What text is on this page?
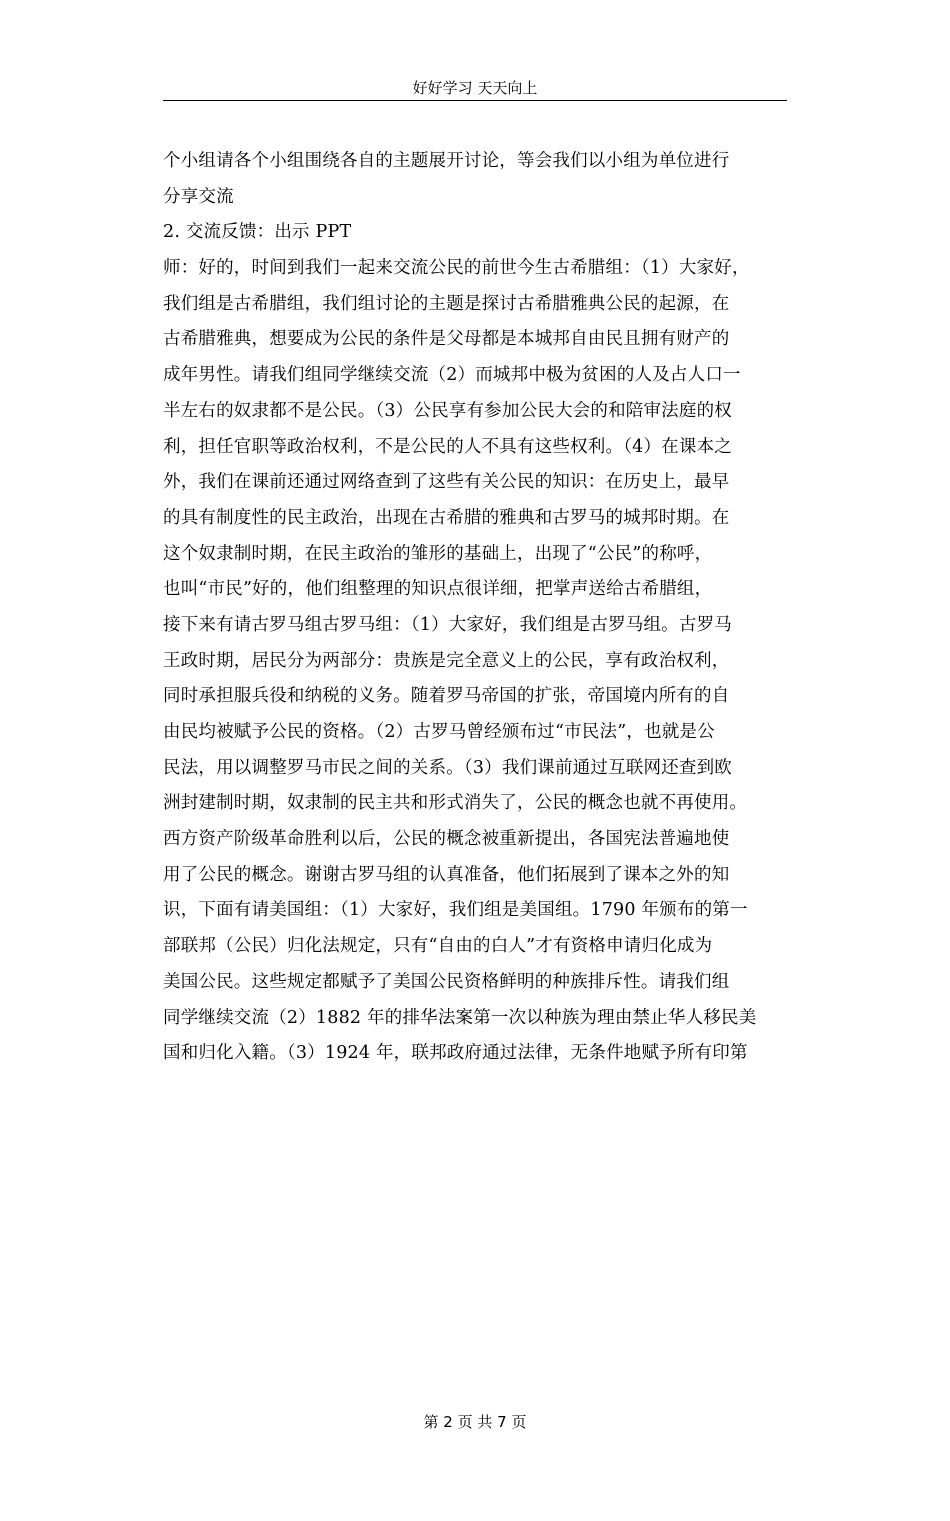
好好学习 天天向上
个小组请各个小组围绕各自的主题展开讨论，等会我们以小组为单位进行
分享交流
2. 交流反馈：出示 PPT
师：好的，时间到我们一起来交流公民的前世今生古希腊组：（1）大家好，
我们组是古希腊组，我们组讨论的主题是探讨古希腊雅典公民的起源，在
古希腊雅典，想要成为公民的条件是父母都是本城邦自由民且拥有财产的
成年男性。请我们组同学继续交流（2）而城邦中极为贫困的人及占人口一
半左右的奴隶都不是公民。（3）公民享有参加公民大会的和陪审法庭的权
利，担任官职等政治权利，不是公民的人不具有这些权利。（4）在课本之
外，我们在课前还通过网络查到了这些有关公民的知识：在历史上，最早
的具有制度性的民主政治，出现在古希腊的雅典和古罗马的城邦时期。在
这个奴隶制时期，在民主政治的雏形的基础上，出现了“公民”的称呼，
也叫“市民”好的，他们组整理的知识点很详细，把掌声送给古希腊组，
接下来有请古罗马组古罗马组：（1）大家好，我们组是古罗马组。古罗马
王政时期，居民分为两部分：贵族是完全意义上的公民，享有政治权利，
同时承担服兵役和纳税的义务。随着罗马帝国的扩张，帝国境内所有的自
由民均被赋予公民的资格。（2）古罗马曾经颁布过“市民法”，也就是公
民法，用以调整罗马市民之间的关系。（3）我们课前通过互联网还查到欧
洲封建制时期，奴隶制的民主共和形式消失了，公民的概念也就不再使用。
西方资产阶级革命胜利以后，公民的概念被重新提出，各国宪法普遍地使
用了公民的概念。谢谢古罗马组的认真准备，他们拓展到了课本之外的知
识，下面有请美国组：（1）大家好，我们组是美国组。1790 年颁布的第一
部联邦（公民）归化法规定，只有“自由的白人”才有资格申请归化成为
美国公民。这些规定都赋予了美国公民资格鲜明的种族排斥性。请我们组
同学继续交流（2）1882 年的排华法案第一次以种族为理由禁止华人移民美
国和归化入籍。（3）1924 年，联邦政府通过法律，无条件地赋予所有印第
第 2 页 共 7 页
